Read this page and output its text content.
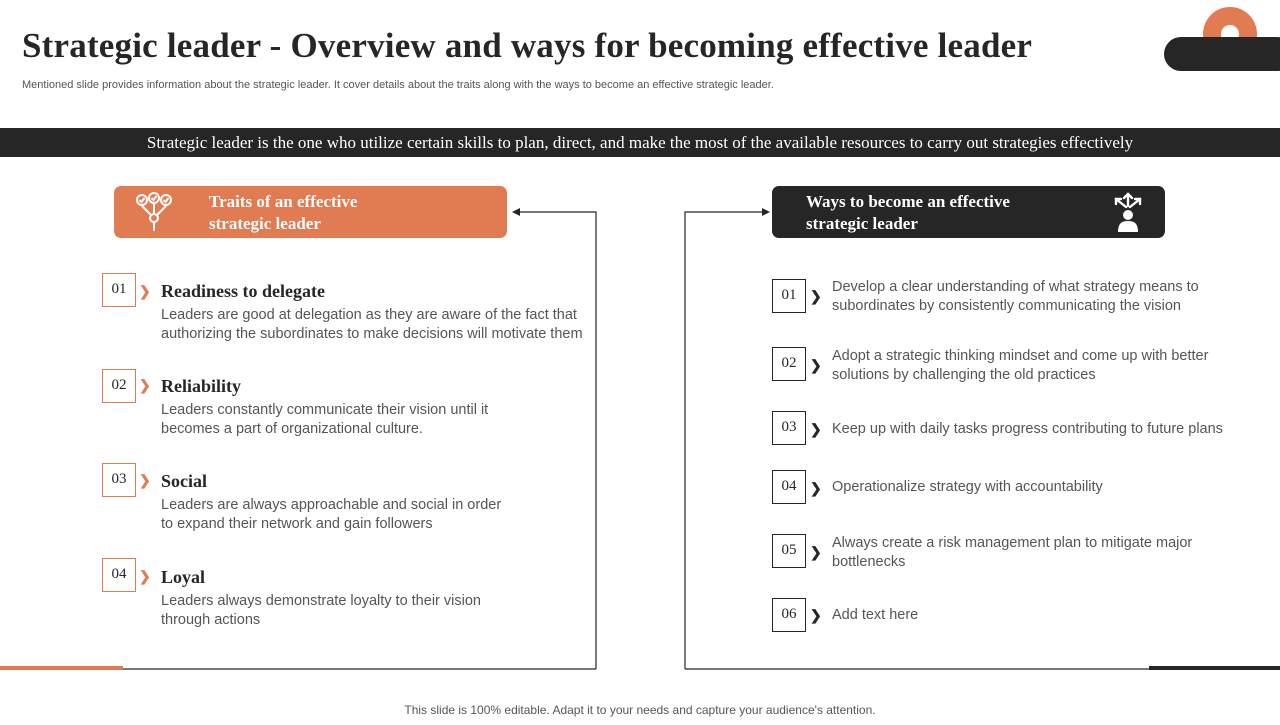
Strategic leader - Overview and ways for becoming effective leader
Mentioned slide provides information about the strategic leader. It cover details about the traits along with the ways to become an effective strategic leader.
Strategic leader is the one who utilize certain skills to plan, direct, and make the most of the available resources to carry out strategies effectively
Traits of an effective
strategic leader
Ways to become an effective
strategic leader
01 ❯ Readiness to delegate
Leaders are good at delegation as they are aware of the fact that
authorizing the subordinates to make decisions will motivate them
02 ❯ Reliability
Leaders constantly communicate their vision until it
becomes a part of organizational culture.
03 ❯ Social
Leaders are always approachable and social in order
to expand their network and gain followers
04 ❯ Loyal
Leaders always demonstrate loyalty to their vision
through actions
01 ❯
Develop a clear understanding of what strategy means to
subordinates by consistently communicating the vision
02 ❯
Adopt a strategic thinking mindset and come up with better
solutions by challenging the old practices
03 ❯ Keep up with daily tasks progress contributing to future plans
04 ❯ Operationalize strategy with accountability
05 ❯
Always create a risk management plan to mitigate major
bottlenecks
06 ❯ Add text here
This slide is 100% editable. Adapt it to your needs and capture your audience's attention.
